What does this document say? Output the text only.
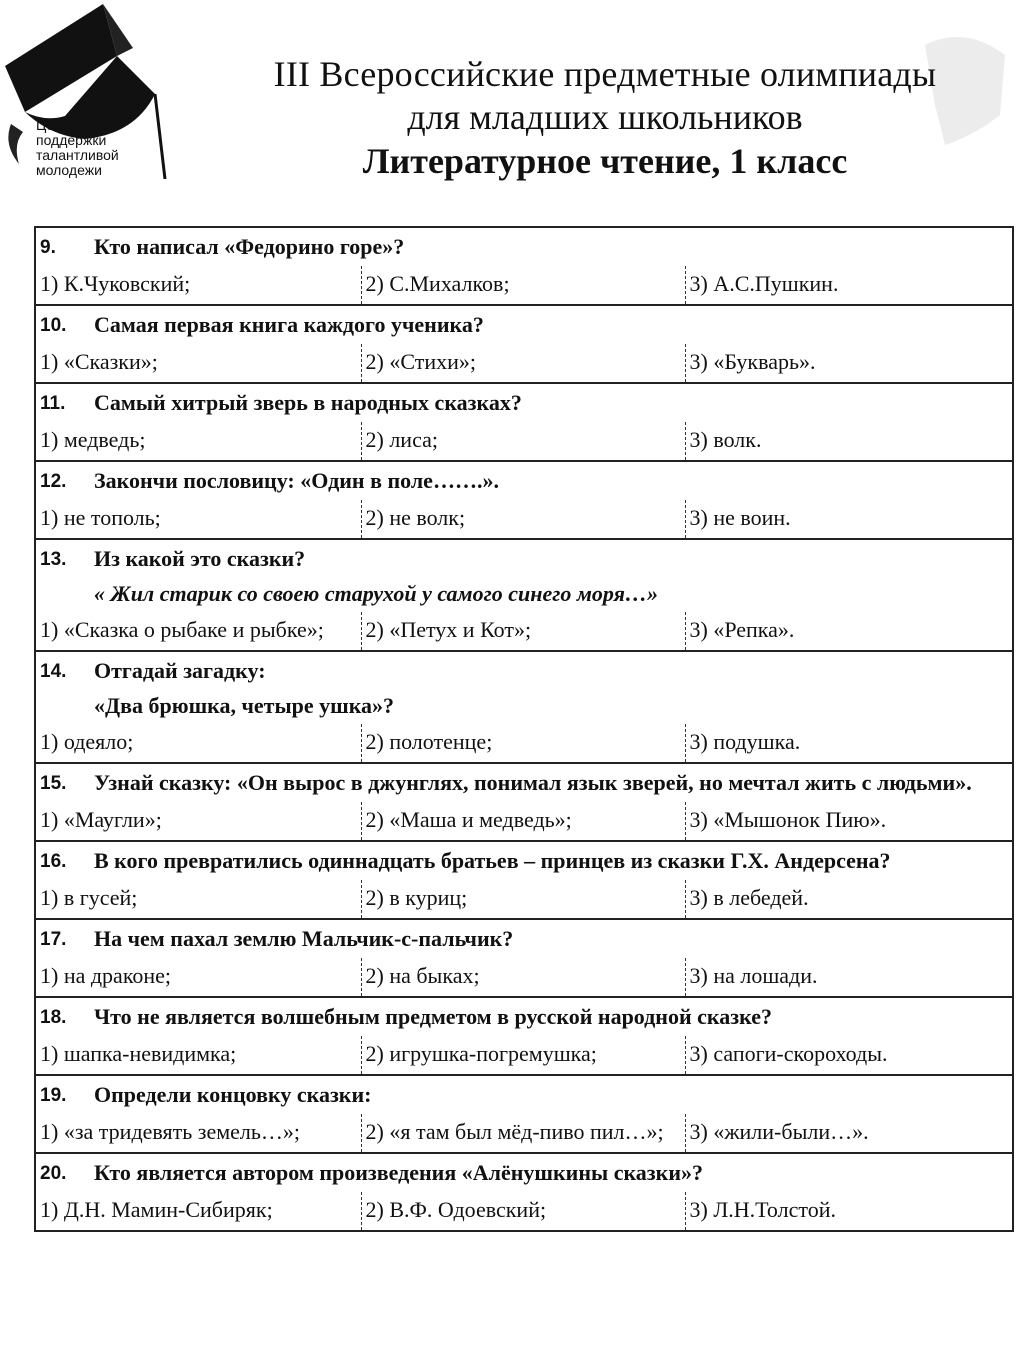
Центр
поддержки
талантливой
молодежи
III Всероссийские предметные олимпиады
для младших школьников
Литературное чтение, 1 класс
9. Кто написал «Федорино горе»?		

1) К.Чуковский;	2) С.Михалков;	3) А.С.Пушкин.

10. Самая первая книга каждого ученика?		

1) «Сказки»;	2) «Стихи»;	3) «Букварь».

11. Самый хитрый зверь в народных сказках?		

1) медведь;	2) лиса;	3) волк.

12. Закончи пословицу: «Один в поле…….».		

1) не тополь;	2) не волк;	3) не воин.

13. Из какой это сказки?
« Жил старик со своею старухой у самого синего моря…»		

1) «Сказка о рыбаке и рыбке»;	2) «Петух и Кот»;	3) «Репка».

14. Отгадай загадку:
«Два брюшка, четыре ушка»?		

1) одеяло;	2) полотенце;	3) подушка.

15. Узнай сказку: «Он вырос в джунглях, понимал язык зверей, но мечтал жить с людьми».		

1) «Маугли»;	2) «Маша и медведь»;	3) «Мышонок Пию».

16. В кого превратились одиннадцать братьев – принцев из сказки Г.Х. Андерсена?		

1) в гусей;	2) в куриц;	3) в лебедей.

17. На чем пахал землю Мальчик-с-пальчик?		

1) на драконе;	2) на быках;	3) на лошади.

18. Что не является волшебным предметом в русской народной сказке?		

1) шапка-невидимка;	2) игрушка-погремушка;	3) сапоги-скороходы.

19. Определи концовку сказки:		

1) «за тридевять земель…»;	2) «я там был мёд-пиво пил…»;	3) «жили-были…».

20. Кто является автором произведения «Алёнушкины сказки»?		

1) Д.Н. Мамин-Сибиряк;	2) В.Ф. Одоевский;	3) Л.Н.Толстой.
